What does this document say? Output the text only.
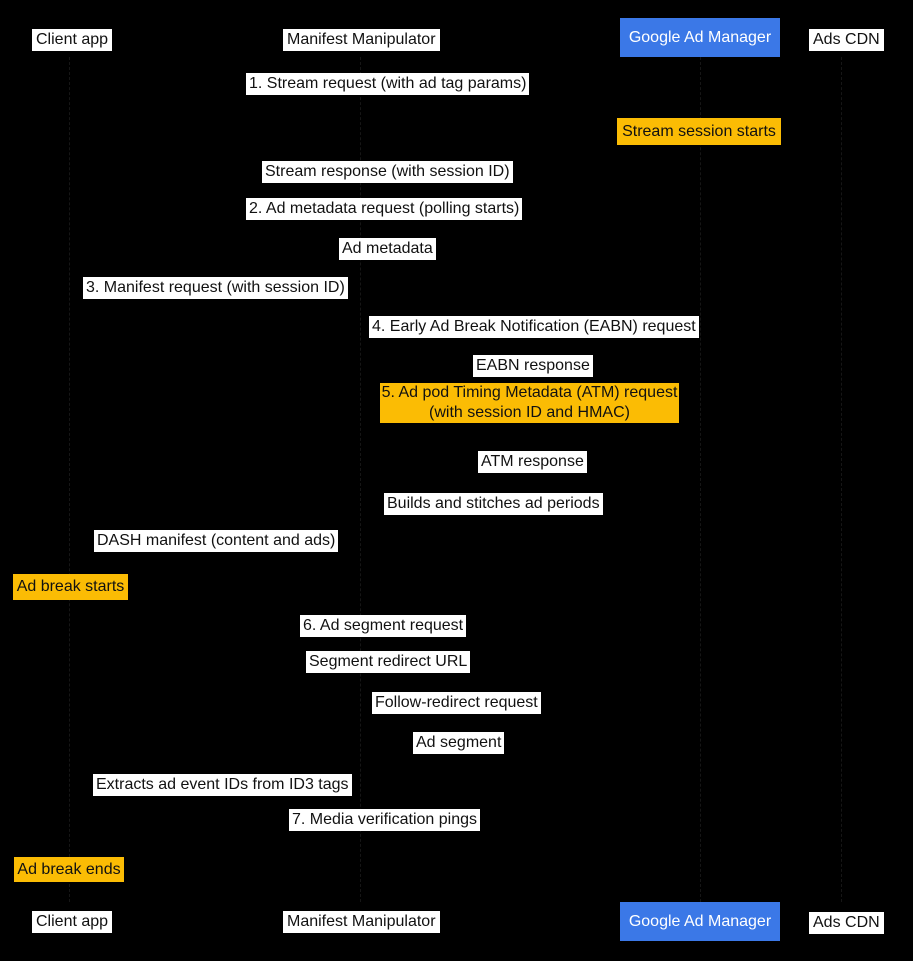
Client app	Manifest Manipulator	Google Ad Manager	Ads CDN
1. Stream request (with ad tag params)
Stream session starts
Stream response (with session ID)
2. Ad metadata request (polling starts)
Ad metadata
3. Manifest request (with session ID)
4. Early Ad Break Notification (EABN) request
EABN response
5. Ad pod Timing Metadata (ATM) request
(with session ID and HMAC)
ATM response
Builds and stitches ad periods
DASH manifest (content and ads)
Ad break starts
6. Ad segment request
Segment redirect URL
Follow-redirect request
Ad segment
Extracts ad event IDs from ID3 tags
7. Media verification pings
Ad break ends
Client app	Manifest Manipulator	Google Ad Manager	Ads CDN
